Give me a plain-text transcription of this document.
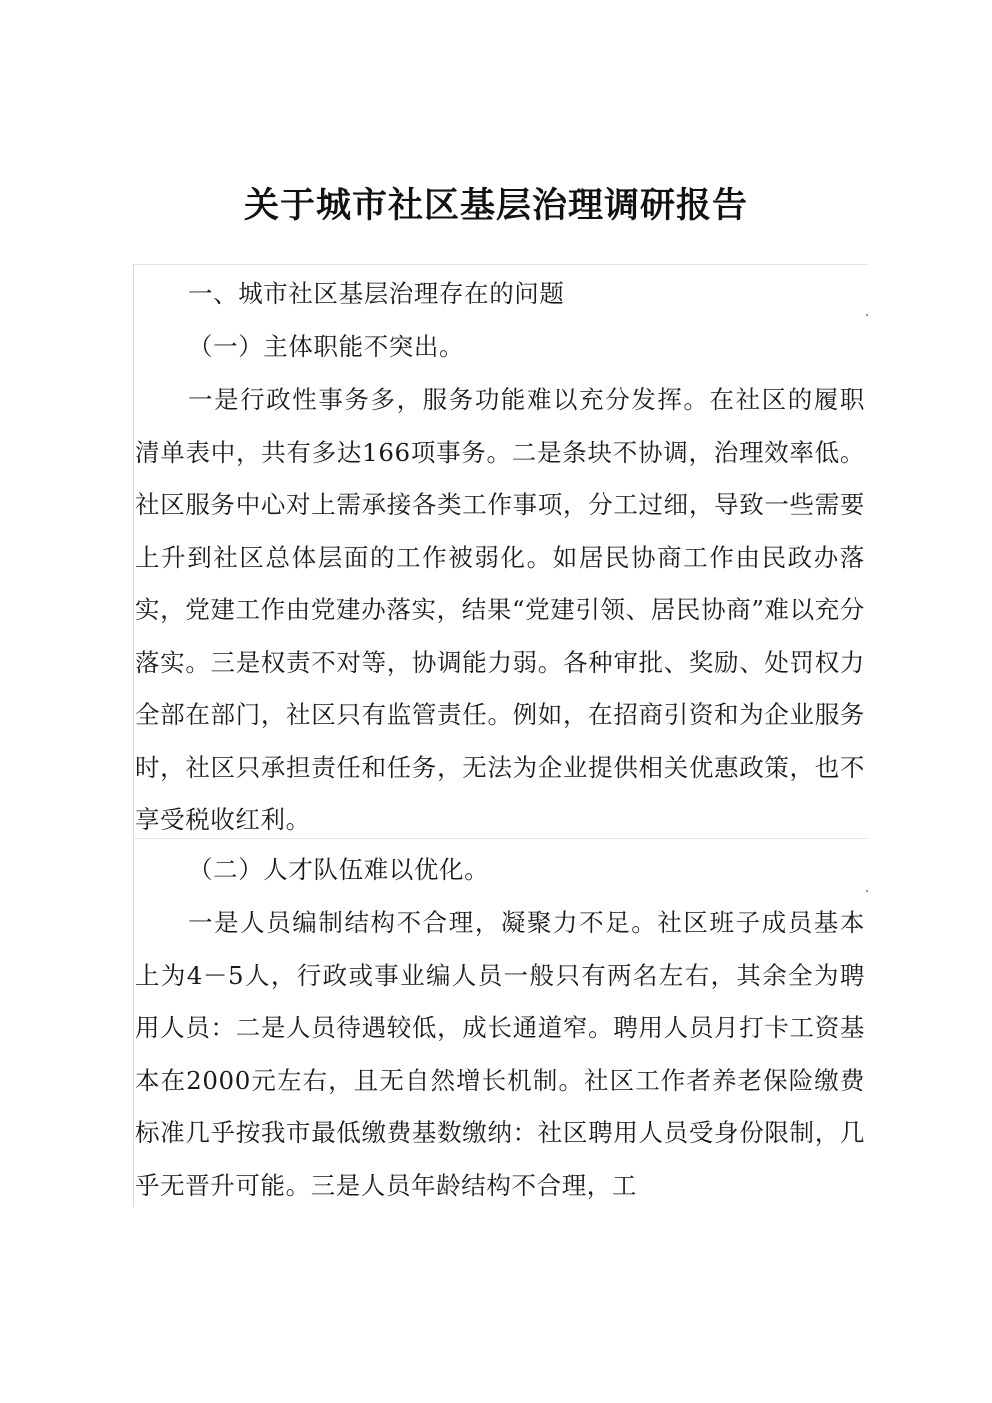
关于城市社区基层治理调研报告

一、城市社区基层治理存在的问题

（一）主体职能不突出。

一是行政性事务多，服务功能难以充分发挥。在社区的履职清单表中，共有多达166项事务。二是条块不协调，治理效率低。社区服务中心对上需承接各类工作事项，分工过细，导致一些需要上升到社区总体层面的工作被弱化。如居民协商工作由民政办落实，党建工作由党建办落实，结果“党建引领、居民协商”难以充分落实。三是权责不对等，协调能力弱。各种审批、奖励、处罚权力全部在部门，社区只有监管责任。例如，在招商引资和为企业服务时，社区只承担责任和任务，无法为企业提供相关优惠政策，也不享受税收红利。

（二）人才队伍难以优化。

一是人员编制结构不合理，凝聚力不足。社区班子成员基本上为4－5人，行政或事业编人员一般只有两名左右，其余全为聘用人员：二是人员待遇较低，成长通道窄。聘用人员月打卡工资基本在2000元左右，且无自然增长机制。社区工作者养老保险缴费标准几乎按我市最低缴费基数缴纳：社区聘用人员受身份限制，几乎无晋升可能。三是人员年龄结构不合理，工
